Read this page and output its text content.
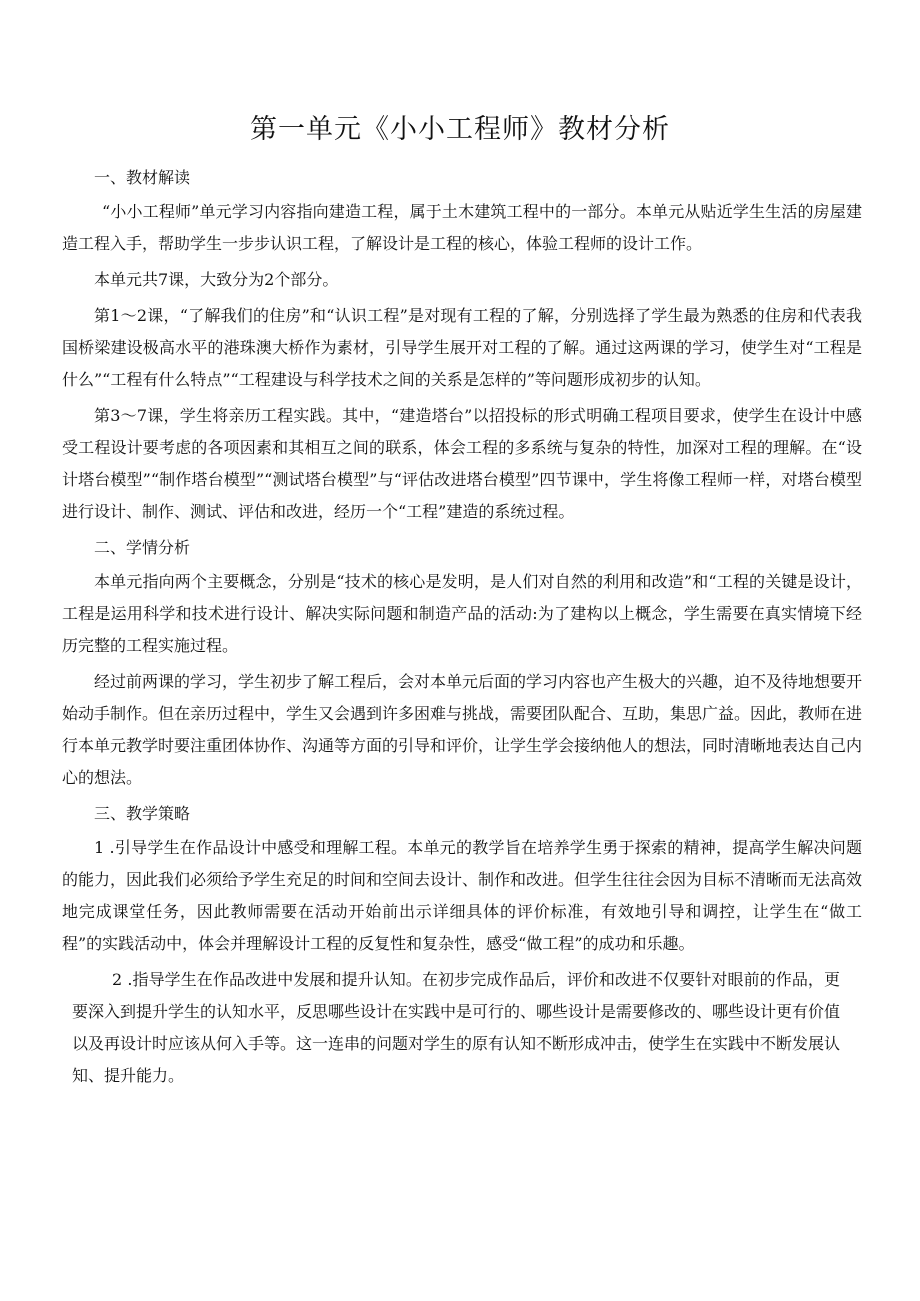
第一单元《小小工程师》教材分析

一、教材解读

“小小工程师”单元学习内容指向建造工程，属于土木建筑工程中的一部分。本单元从贴近学生生活的房屋建造工程入手，帮助学生一步步认识工程，了解设计是工程的核心，体验工程师的设计工作。

本单元共7课，大致分为2个部分。

第1〜2课，“了解我们的住房”和“认识工程”是对现有工程的了解，分别选择了学生最为熟悉的住房和代表我国桥梁建设极高水平的港珠澳大桥作为素材，引导学生展开对工程的了解。通过这两课的学习，使学生对“工程是什么”“工程有什么特点”“工程建设与科学技术之间的关系是怎样的”等问题形成初步的认知。

第3〜7课，学生将亲历工程实践。其中，“建造塔台”以招投标的形式明确工程项目要求，使学生在设计中感受工程设计要考虑的各项因素和其相互之间的联系，体会工程的多系统与复杂的特性，加深对工程的理解。在“设计塔台模型”“制作塔台模型”“测试塔台模型”与“评估改进塔台模型”四节课中，学生将像工程师一样，对塔台模型进行设计、制作、测试、评估和改进，经历一个“工程”建造的系统过程。

二、学情分析

本单元指向两个主要概念，分别是“技术的核心是发明，是人们对自然的利用和改造”和“工程的关键是设计，工程是运用科学和技术进行设计、解决实际问题和制造产品的活动:为了建构以上概念，学生需要在真实情境下经历完整的工程实施过程。

经过前两课的学习，学生初步了解工程后，会对本单元后面的学习内容也产生极大的兴趣，迫不及待地想要开始动手制作。但在亲历过程中，学生又会遇到许多困难与挑战，需要团队配合、互助，集思广益。因此，教师在进行本单元教学时要注重团体协作、沟通等方面的引导和评价，让学生学会接纳他人的想法，同时清晰地表达自己内心的想法。

三、教学策略

1 .引导学生在作品设计中感受和理解工程。本单元的教学旨在培养学生勇于探索的精神，提高学生解决问题的能力，因此我们必须给予学生充足的时间和空间去设计、制作和改进。但学生往往会因为目标不清晰而无法高效地完成课堂任务，因此教师需要在活动开始前出示详细具体的评价标准，有效地引导和调控，让学生在“做工程”的实践活动中，体会并理解设计工程的反复性和复杂性，感受“做工程”的成功和乐趣。

2 .指导学生在作品改进中发展和提升认知。在初步完成作品后，评价和改进不仅要针对眼前的作品，更要深入到提升学生的认知水平，反思哪些设计在实践中是可行的、哪些设计是需要修改的、哪些设计更有价值以及再设计时应该从何入手等。这一连串的问题对学生的原有认知不断形成冲击，使学生在实践中不断发展认知、提升能力。
